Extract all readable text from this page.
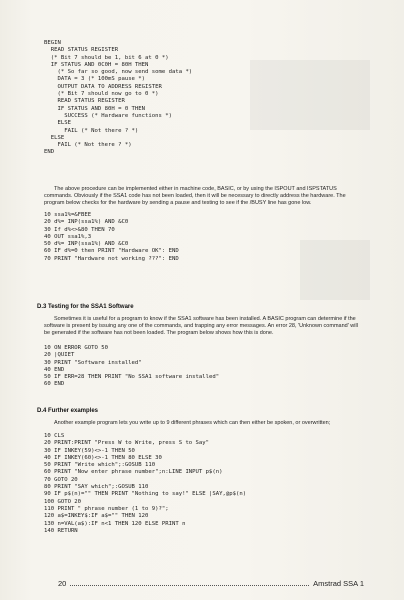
BEGIN
READ STATUS REGISTER
(* Bit 7 should be 1, bit 6 at 0 *)
IF STATUS AND 0C0H = 80H THEN
(* So far so good, now send some data *)
DATA = 3 (* 100mS pause *)
OUTPUT DATA TO ADDRESS REGISTER
(* Bit 7 should now go to 0 *)
READ STATUS REGISTER
IF STATUS AND 80H = 0 THEN
SUCCESS (* Hardware functions *)
ELSE
FAIL (* Not there ? *)
ELSE
FAIL (* Not there ? *)
END

The above procedure can be implemented either in machine code, BASIC, or by using the ISPOUT and ISPSTATUS commands. Obviously if the SSA1 code has not been loaded, then it will be necessary to directly address the hardware. The program below checks for the hardware by sending a pause and testing to see if the /BUSY line has gone low.

10 ssa1%=&FBEE
20 d%= INP(ssa1%) AND &C0
30 If d%<>&80 THEN 70
40 OUT ssa1%,3
50 d%= INP(ssa1%) AND &C0
60 IF d%=0 then PRINT "Hardware OK": END
70 PRINT "Hardware not working ???": END

D.3 Testing for the SSA1 Software

Sometimes it is useful for a program to know if the SSA1 software has been installed. A BASIC program can determine if the software is present by issuing any one of the commands, and trapping any error messages. An error 28, 'Unknown command' will be generated if the software has not been loaded. The program below shows how this is done.

10 ON ERROR GOTO 50
20 |QUIET
30 PRINT "Software installed"
40 END
50 IF ERR=28 THEN PRINT "No SSA1 software installed"
60 END

D.4 Further examples

Another example program lets you write up to 9 different phrases which can then either be spoken, or overwritten;

10 CLS
20 PRINT:PRINT "Press W to Write, press S to Say"
30 IF INKEY(59)<>-1 THEN 50
40 IF INKEY(60)<>-1 THEN 80 ELSE 30
50 PRINT "Write which";:GOSUB 110
60 PRINT "Now enter phrase number";n:LINE INPUT p$(n)
70 GOTO 20
80 PRINT "SAY which";:GOSUB 110
90 IF p$(n)="" THEN PRINT "Nothing to say!" ELSE |SAY,@p$(n)
100 GOTO 20
110 PRINT " phrase number (1 to 9)?";
120 a$=INKEY$:IF a$="" THEN 120
130 n=VAL(a$):IF n<1 THEN 120 ELSE PRINT n
140 RETURN
20	Amstrad SSA 1
